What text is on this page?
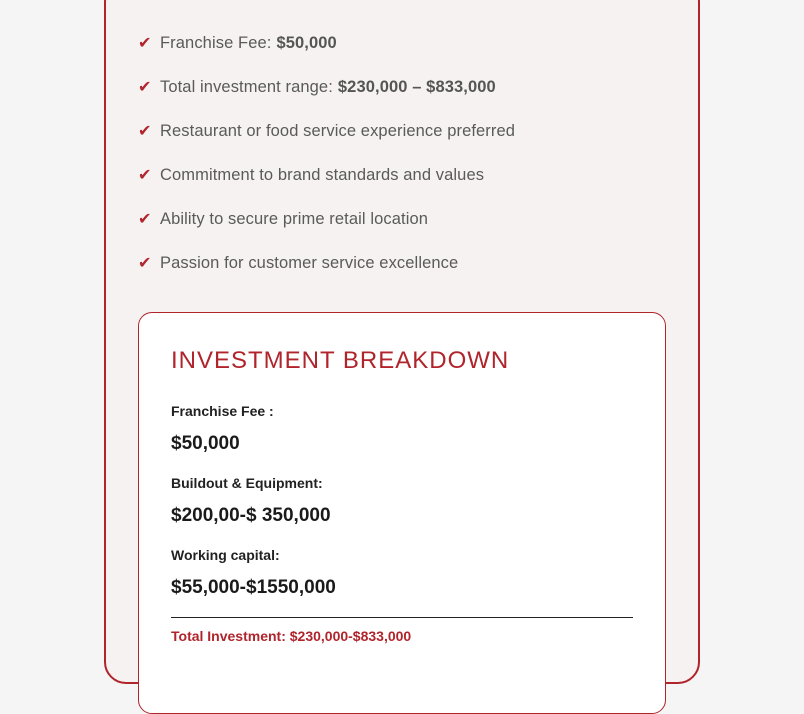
✔ Franchise Fee: $50,000
✔ Total investment range: $230,000 – $833,000
✔ Restaurant or food service experience preferred
✔ Commitment to brand standards and values
✔ Ability to secure prime retail location
✔ Passion for customer service excellence
INVESTMENT BREAKDOWN
Franchise Fee :
$50,000
Buildout & Equipment:
$200,00-$ 350,000
Working capital:
$55,000-$1550,000
Total Investment: $230,000-$833,000
